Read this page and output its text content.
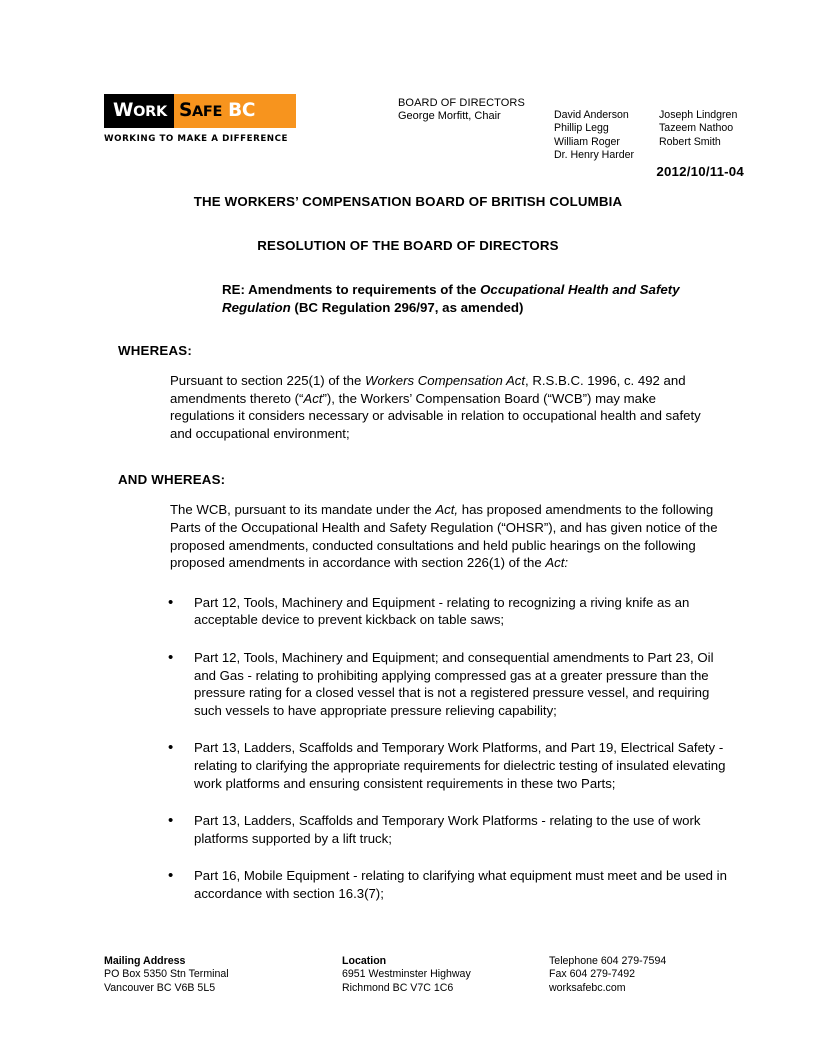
WORK SAFE BC
WORKING TO MAKE A DIFFERENCE
BOARD OF DIRECTORS
George Morfitt, Chair	David Anderson
Phillip Legg
William Roger
Dr. Henry Harder
Joseph Lindgren
Tazeem Nathoo
Robert Smith
2012/10/11-04
THE WORKERS’ COMPENSATION BOARD OF BRITISH COLUMBIA
RESOLUTION OF THE BOARD OF DIRECTORS
RE: Amendments to requirements of the Occupational Health and Safety Regulation (BC Regulation 296/97, as amended)
WHEREAS:
Pursuant to section 225(1) of the Workers Compensation Act, R.S.B.C. 1996, c. 492 and amendments thereto (“Act”), the Workers’ Compensation Board (“WCB”) may make regulations it considers necessary or advisable in relation to occupational health and safety and occupational environment;
AND WHEREAS:
The WCB, pursuant to its mandate under the Act, has proposed amendments to the following Parts of the Occupational Health and Safety Regulation (“OHSR”), and has given notice of the proposed amendments, conducted consultations and held public hearings on the following proposed amendments in accordance with section 226(1) of the Act:
• Part 12, Tools, Machinery and Equipment - relating to recognizing a riving knife as an acceptable device to prevent kickback on table saws;
• Part 12, Tools, Machinery and Equipment; and consequential amendments to Part 23, Oil and Gas - relating to prohibiting applying compressed gas at a greater pressure than the pressure rating for a closed vessel that is not a registered pressure vessel, and requiring such vessels to have appropriate pressure relieving capability;
• Part 13, Ladders, Scaffolds and Temporary Work Platforms, and Part 19, Electrical Safety - relating to clarifying the appropriate requirements for dielectric testing of insulated elevating work platforms and ensuring consistent requirements in these two Parts;
• Part 13, Ladders, Scaffolds and Temporary Work Platforms - relating to the use of work platforms supported by a lift truck;
• Part 16, Mobile Equipment - relating to clarifying what equipment must meet and be used in accordance with section 16.3(7);
Mailing Address
PO Box 5350 Stn Terminal
Vancouver BC V6B 5L5
Location
6951 Westminster Highway
Richmond BC V7C 1C6
Telephone 604 279-7594
Fax 604 279-7492
worksafebc.com
